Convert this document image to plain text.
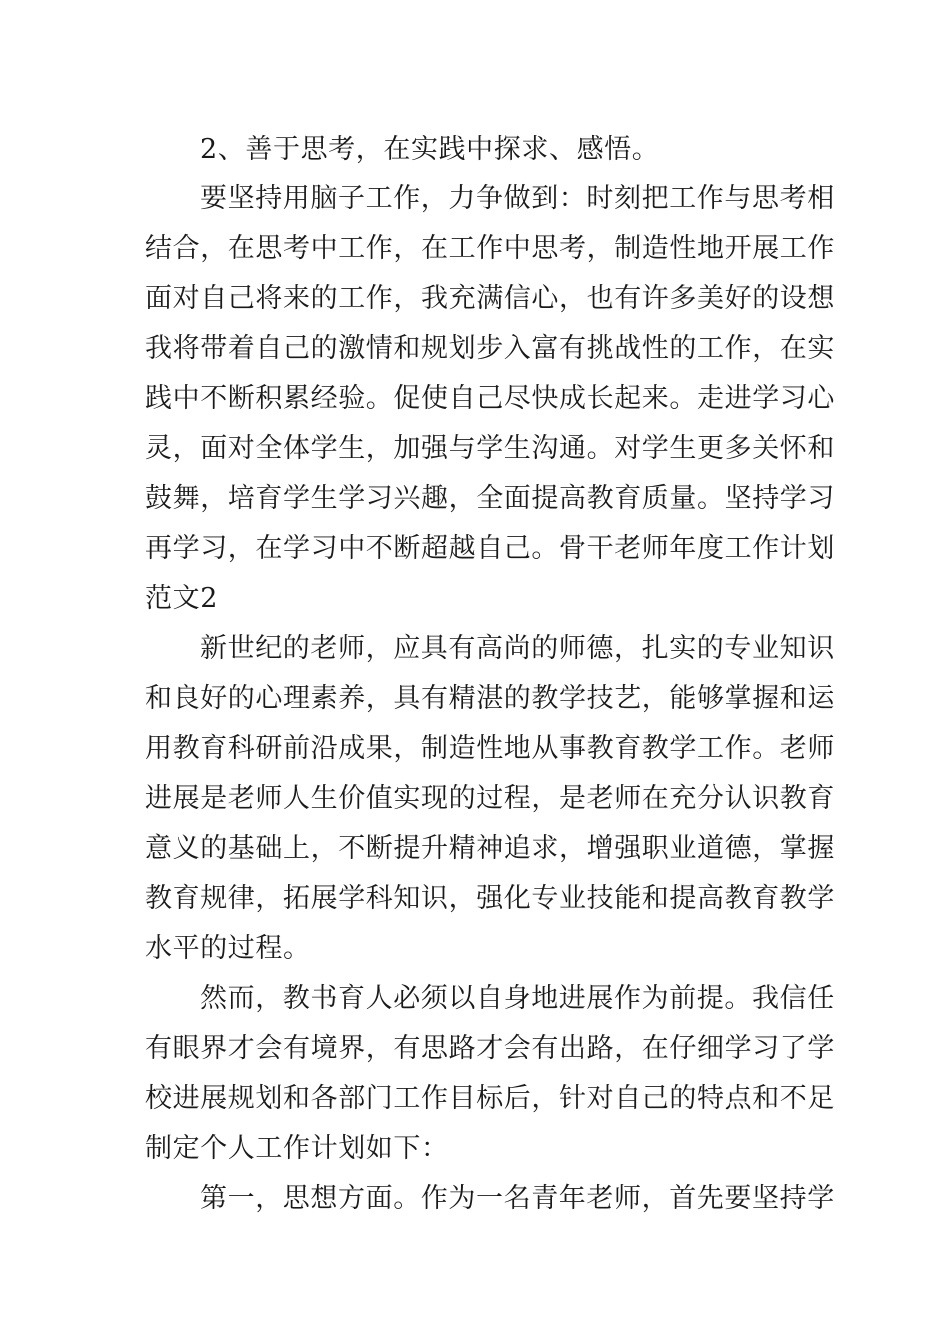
2、善于思考，在实践中探求、感悟。
要坚持用脑子工作，力争做到：时刻把工作与思考相
结合，在思考中工作，在工作中思考，制造性地开展工作
面对自己将来的工作，我充满信心，也有许多美好的设想
我将带着自己的激情和规划步入富有挑战性的工作，在实
践中不断积累经验。促使自己尽快成长起来。走进学习心
灵，面对全体学生，加强与学生沟通。对学生更多关怀和
鼓舞，培育学生学习兴趣，全面提高教育质量。坚持学习
再学习，在学习中不断超越自己。骨干老师年度工作计划
范文2
新世纪的老师，应具有高尚的师德，扎实的专业知识
和良好的心理素养，具有精湛的教学技艺，能够掌握和运
用教育科研前沿成果，制造性地从事教育教学工作。老师
进展是老师人生价值实现的过程，是老师在充分认识教育
意义的基础上，不断提升精神追求，增强职业道德，掌握
教育规律，拓展学科知识，强化专业技能和提高教育教学
水平的过程。
然而，教书育人必须以自身地进展作为前提。我信任
有眼界才会有境界，有思路才会有出路，在仔细学习了学
校进展规划和各部门工作目标后，针对自己的特点和不足
制定个人工作计划如下：
第一，思想方面。作为一名青年老师，首先要坚持学
